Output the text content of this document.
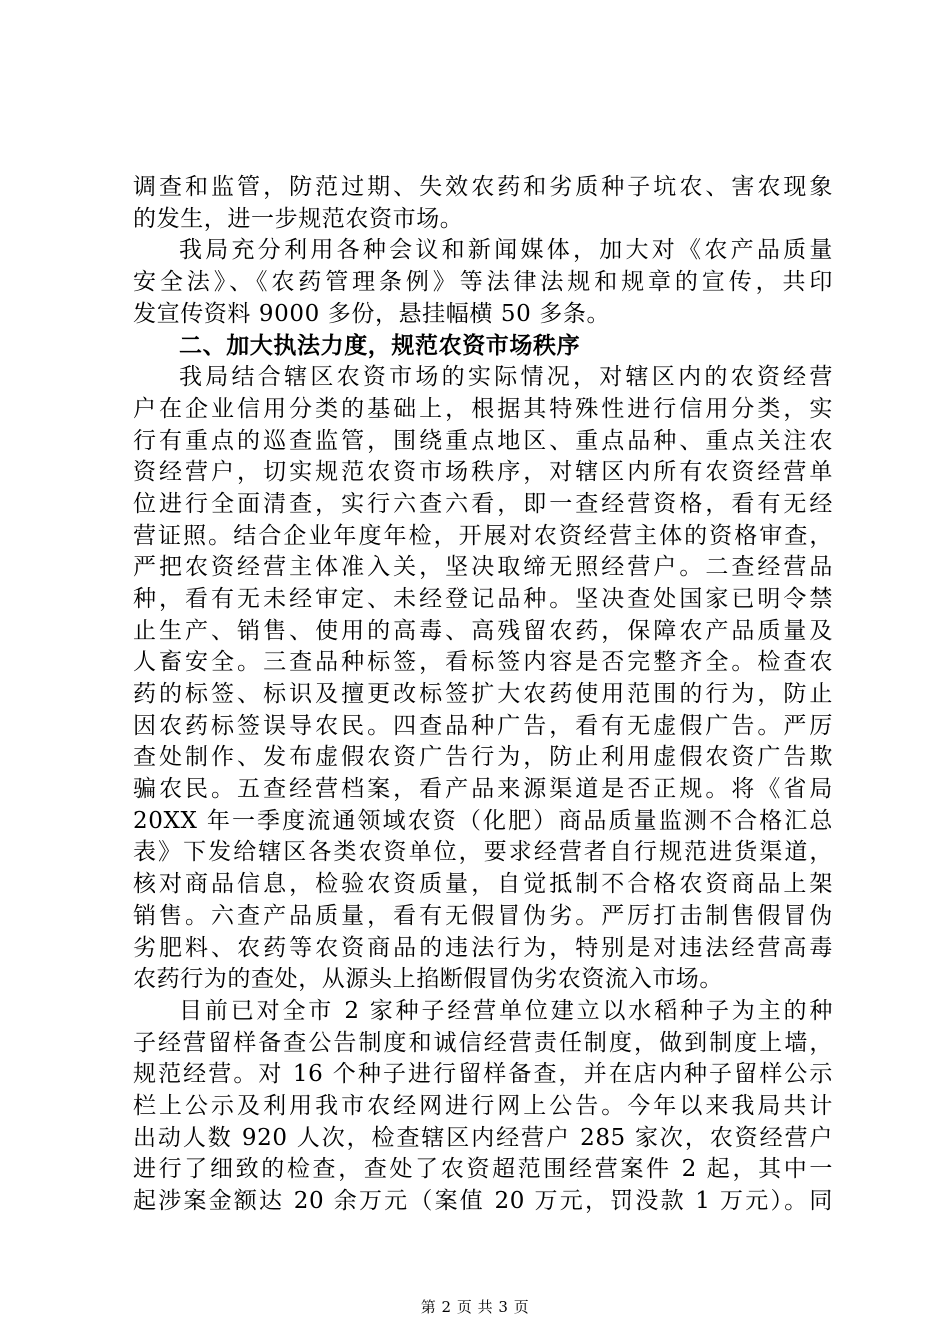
调查和监管，防范过期、失效农药和劣质种子坑农、害农现象
的发生，进一步规范农资市场。
我局充分利用各种会议和新闻媒体，加大对《农产品质量
安全法》、《农药管理条例》等法律法规和规章的宣传，共印
发宣传资料 9000 多份，悬挂幅横 50 多条。
二、加大执法力度，规范农资市场秩序
我局结合辖区农资市场的实际情况，对辖区内的农资经营
户在企业信用分类的基础上，根据其特殊性进行信用分类，实
行有重点的巡查监管，围绕重点地区、重点品种、重点关注农
资经营户，切实规范农资市场秩序，对辖区内所有农资经营单
位进行全面清查，实行六查六看，即一查经营资格，看有无经
营证照。结合企业年度年检，开展对农资经营主体的资格审查，
严把农资经营主体准入关，坚决取缔无照经营户。二查经营品
种，看有无未经审定、未经登记品种。坚决查处国家已明令禁
止生产、销售、使用的高毒、高残留农药，保障农产品质量及
人畜安全。三查品种标签，看标签内容是否完整齐全。检查农
药的标签、标识及擅更改标签扩大农药使用范围的行为，防止
因农药标签误导农民。四查品种广告，看有无虚假广告。严厉
查处制作、发布虚假农资广告行为，防止利用虚假农资广告欺
骗农民。五查经营档案，看产品来源渠道是否正规。将《省局
20XX 年一季度流通领域农资（化肥）商品质量监测不合格汇总
表》下发给辖区各类农资单位，要求经营者自行规范进货渠道，
核对商品信息，检验农资质量，自觉抵制不合格农资商品上架
销售。六查产品质量，看有无假冒伪劣。严厉打击制售假冒伪
劣肥料、农药等农资商品的违法行为，特别是对违法经营高毒
农药行为的查处，从源头上掐断假冒伪劣农资流入市场。
目前已对全市 2 家种子经营单位建立以水稻种子为主的种
子经营留样备查公告制度和诚信经营责任制度，做到制度上墙，
规范经营。对 16 个种子进行留样备查，并在店内种子留样公示
栏上公示及利用我市农经网进行网上公告。今年以来我局共计
出动人数 920 人次，检查辖区内经营户 285 家次，农资经营户
进行了细致的检查，查处了农资超范围经营案件 2 起，其中一
起涉案金额达 20 余万元（案值 20 万元，罚没款 1 万元）。同
第 2 页 共 3 页
